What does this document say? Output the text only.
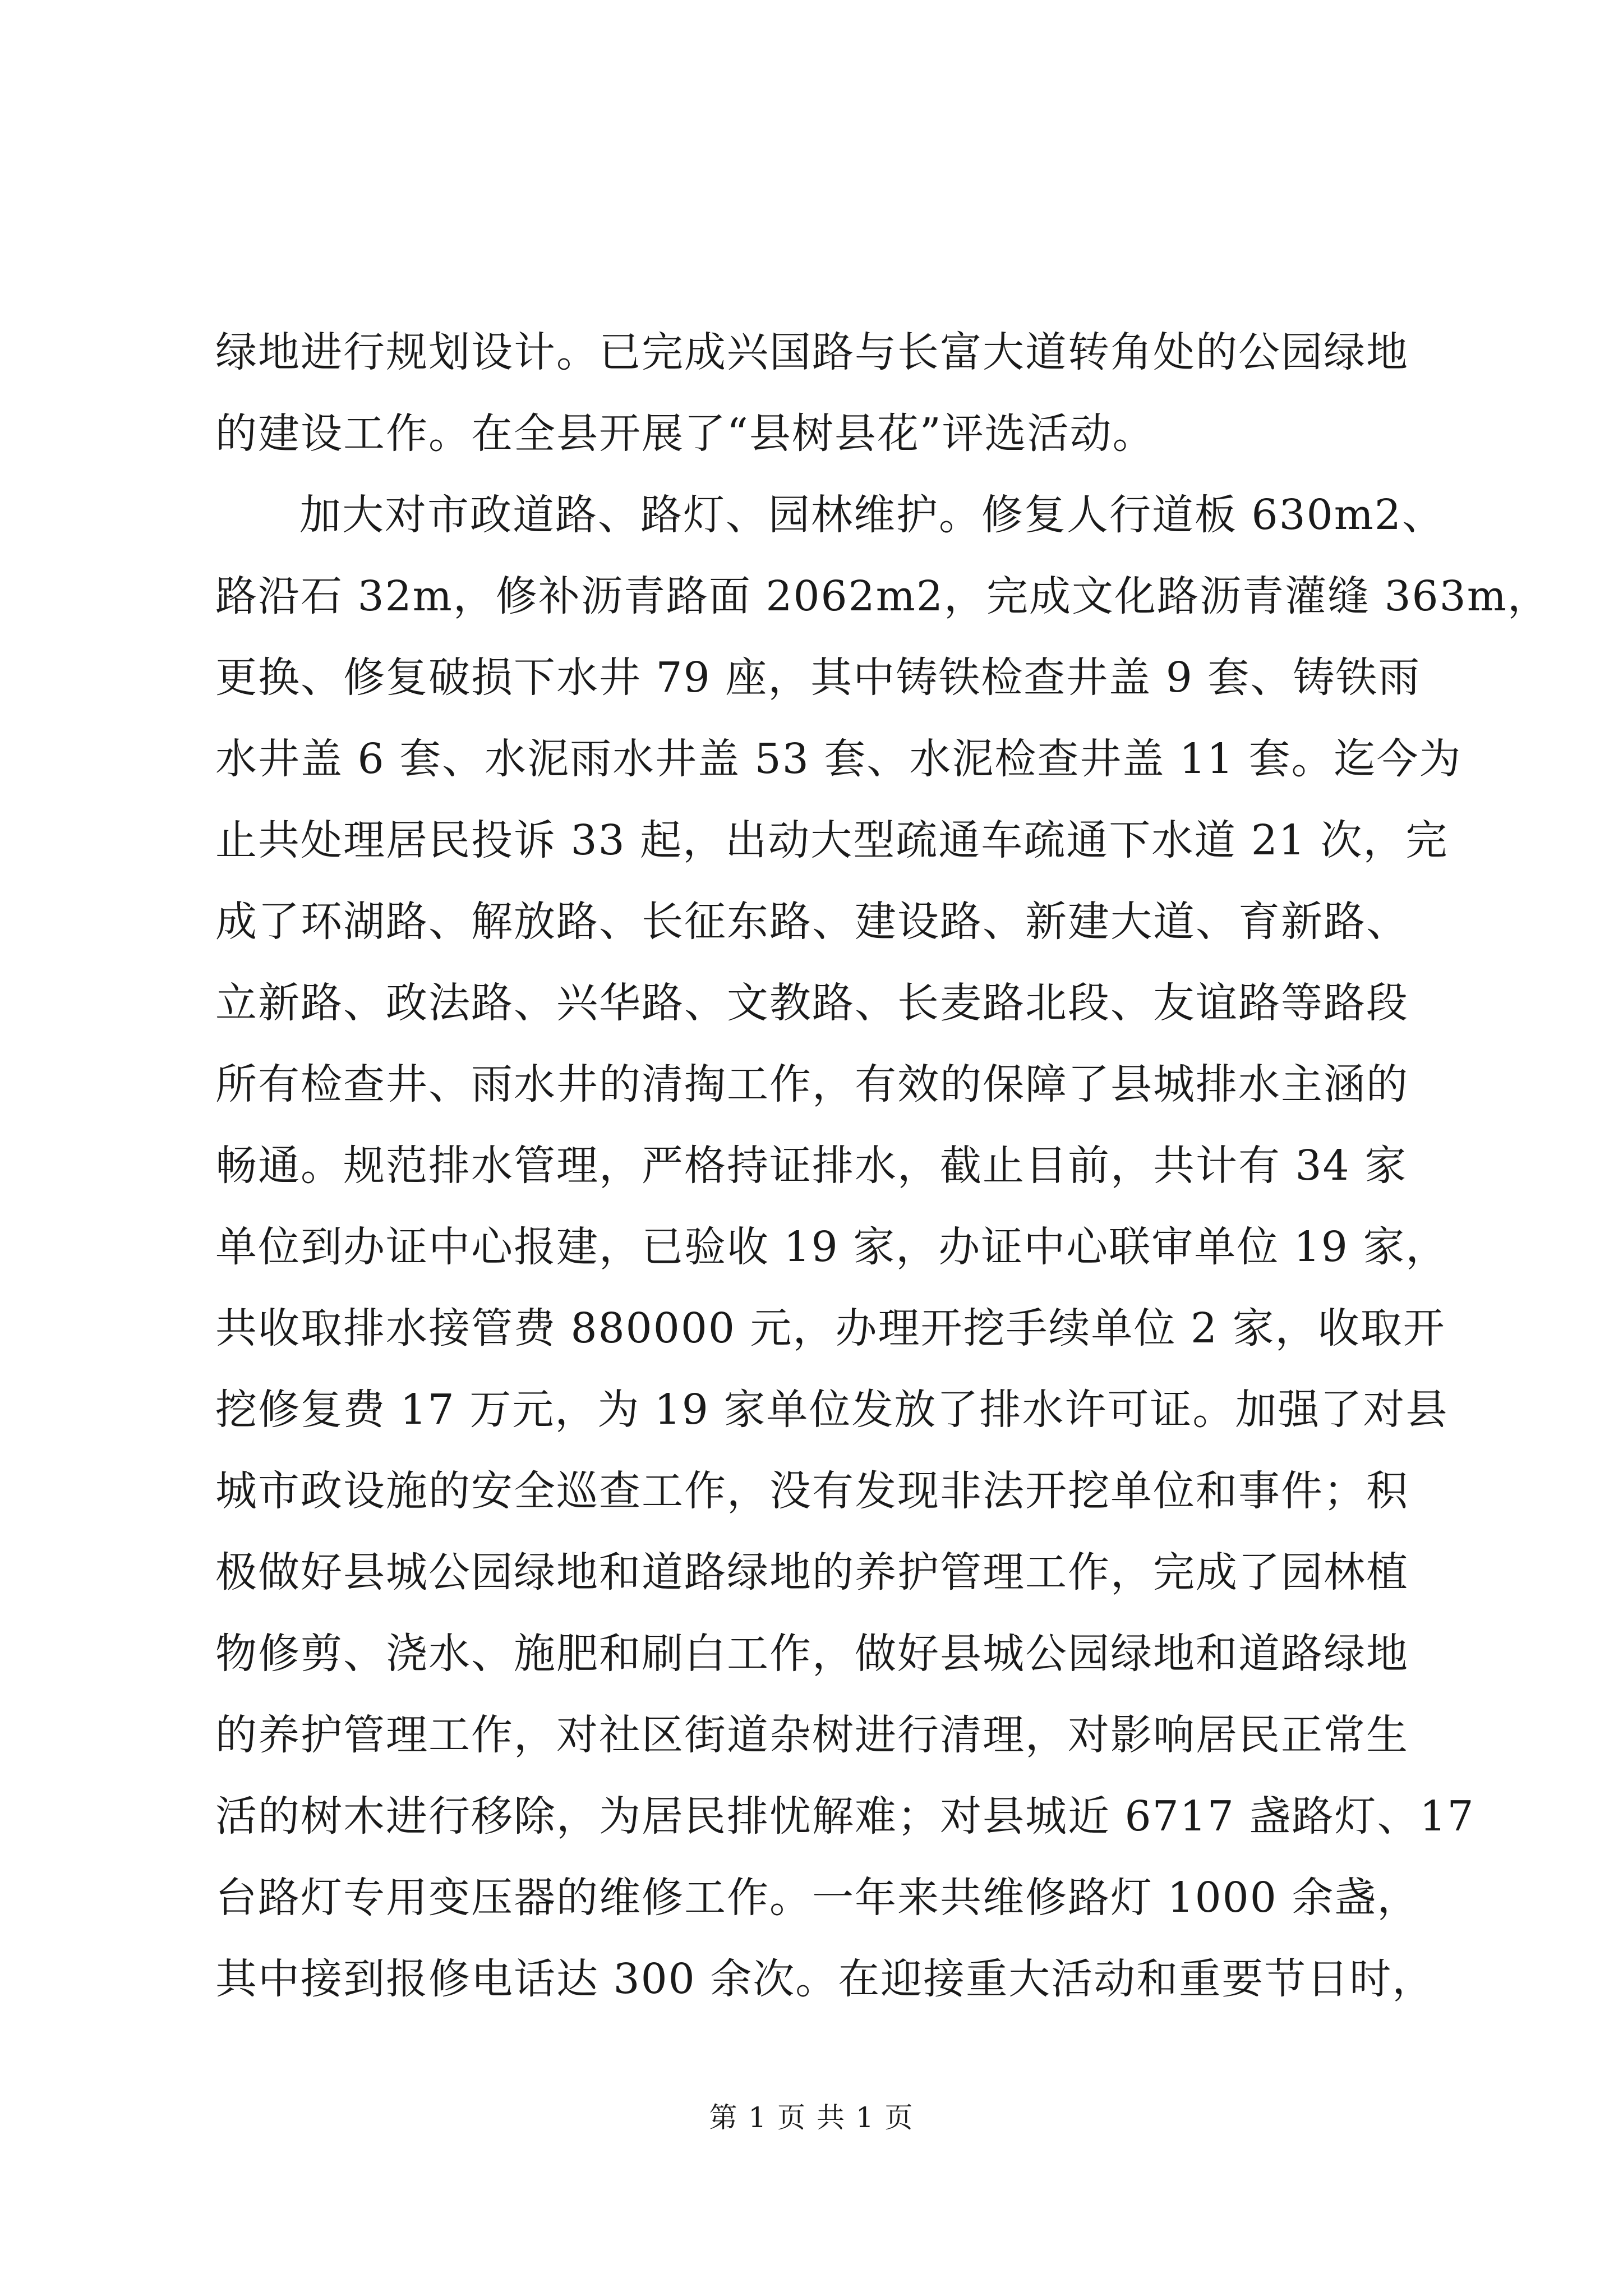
绿地进行规划设计。已完成兴国路与长富大道转角处的公园绿地
的建设工作。在全县开展了“县树县花”评选活动。
加大对市政道路、路灯、园林维护。修复人行道板 630m2、
路沿石 32m，修补沥青路面 2062m2，完成文化路沥青灌缝 363m，
更换、修复破损下水井 79 座，其中铸铁检查井盖 9 套、铸铁雨
水井盖 6 套、水泥雨水井盖 53 套、水泥检查井盖 11 套。迄今为
止共处理居民投诉 33 起，出动大型疏通车疏通下水道 21 次，完
成了环湖路、解放路、长征东路、建设路、新建大道、育新路、
立新路、政法路、兴华路、文教路、长麦路北段、友谊路等路段
所有检查井、雨水井的清掏工作，有效的保障了县城排水主涵的
畅通。规范排水管理，严格持证排水，截止目前，共计有 34 家
单位到办证中心报建，已验收 19 家，办证中心联审单位 19 家，
共收取排水接管费 880000 元，办理开挖手续单位 2 家，收取开
挖修复费 17 万元，为 19 家单位发放了排水许可证。加强了对县
城市政设施的安全巡查工作，没有发现非法开挖单位和事件；积
极做好县城公园绿地和道路绿地的养护管理工作，完成了园林植
物修剪、浇水、施肥和刷白工作，做好县城公园绿地和道路绿地
的养护管理工作，对社区街道杂树进行清理，对影响居民正常生
活的树木进行移除，为居民排忧解难；对县城近 6717 盏路灯、17
台路灯专用变压器的维修工作。一年来共维修路灯 1000 余盏，
其中接到报修电话达 300 余次。在迎接重大活动和重要节日时，
第 1 页 共 1 页
